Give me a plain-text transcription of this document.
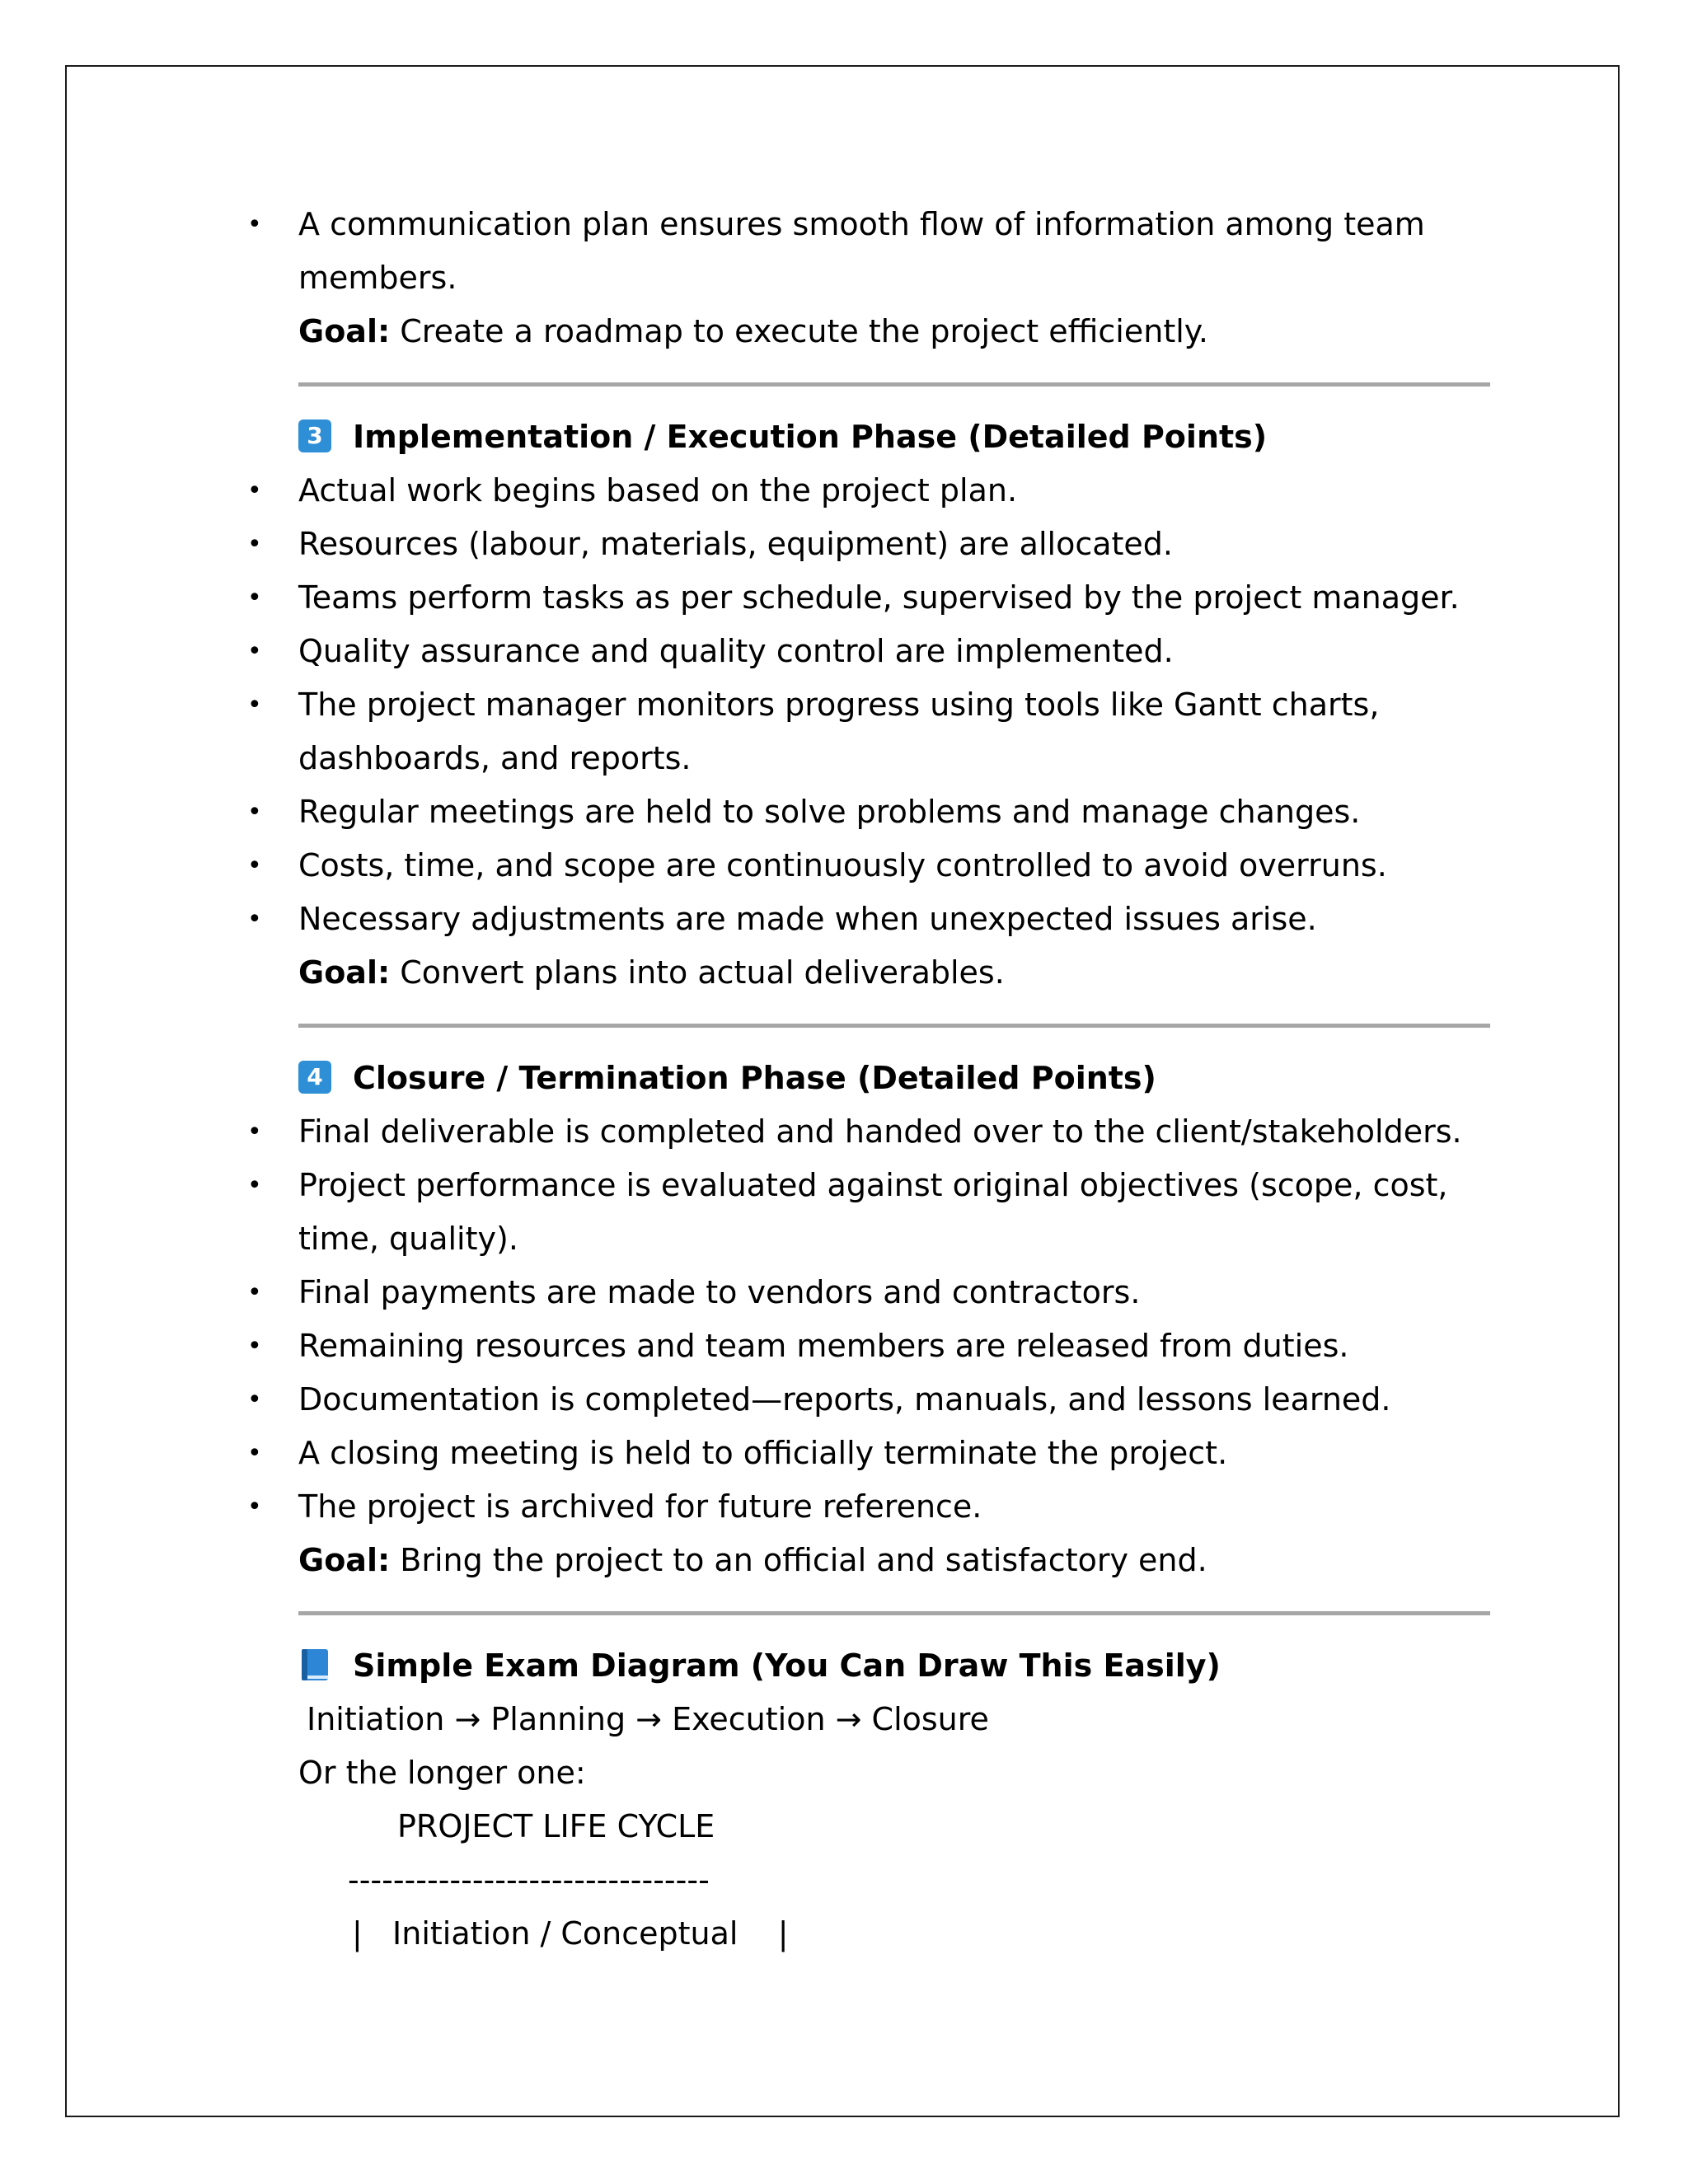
• A communication plan ensures smooth flow of information among team
members.
Goal: Create a roadmap to execute the project efficiently.
3 Implementation / Execution Phase (Detailed Points)
• Actual work begins based on the project plan.
• Resources (labour, materials, equipment) are allocated.
• Teams perform tasks as per schedule, supervised by the project manager.
• Quality assurance and quality control are implemented.
• The project manager monitors progress using tools like Gantt charts,
dashboards, and reports.
• Regular meetings are held to solve problems and manage changes.
• Costs, time, and scope are continuously controlled to avoid overruns.
• Necessary adjustments are made when unexpected issues arise.
Goal: Convert plans into actual deliverables.
4 Closure / Termination Phase (Detailed Points)
• Final deliverable is completed and handed over to the client/stakeholders.
• Project performance is evaluated against original objectives (scope, cost,
time, quality).
• Final payments are made to vendors and contractors.
• Remaining resources and team members are released from duties.
• Documentation is completed—reports, manuals, and lessons learned.
• A closing meeting is held to officially terminate the project.
• The project is archived for future reference.
Goal: Bring the project to an official and satisfactory end.
Simple Exam Diagram (You Can Draw This Easily)
Initiation → Planning → Execution → Closure
Or the longer one:
PROJECT LIFE CYCLE
--------------------------------
|   Initiation / Conceptual    |
